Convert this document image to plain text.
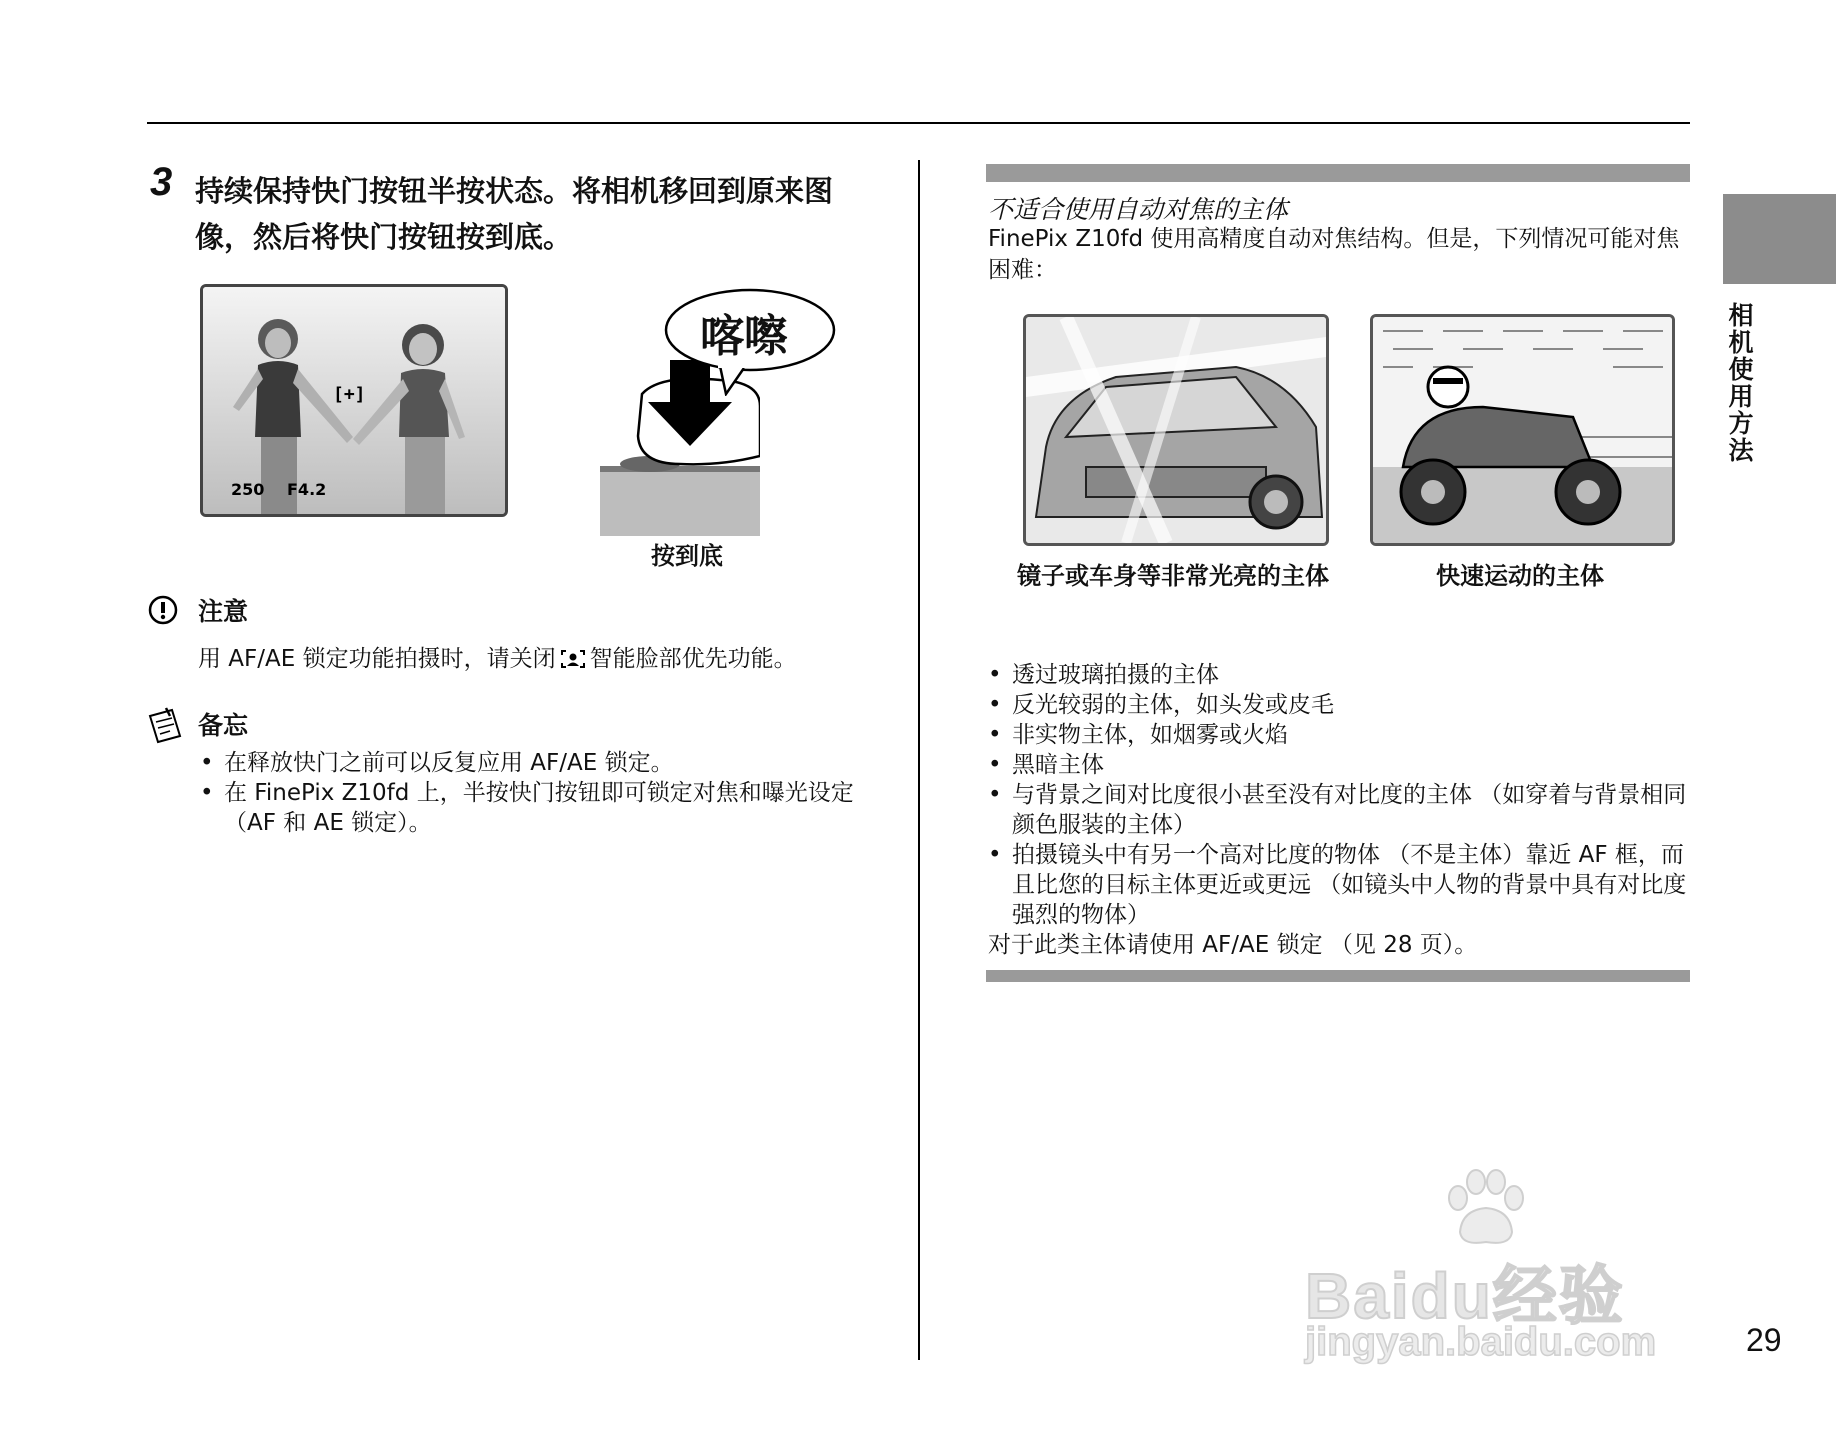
3 持续保持快门按钮半按状态。将相机移回到原来图像，然后将快门按钮按到底。
[+]
250 F4.2
喀嚓
按到底
注意
用 AF/AE 锁定功能拍摄时，请关闭 智能脸部优先功能。
备忘
• 在释放快门之前可以反复应用 AF/AE 锁定。
• 在 FinePix Z10fd 上，半按快门按钮即可锁定对焦和曝光设定 （AF 和 AE 锁定）。
不适合使用自动对焦的主体
FinePix Z10fd 使用高精度自动对焦结构。但是，下列情况可能对焦困难：
镜子或车身等非常光亮的主体	快速运动的主体
• 透过玻璃拍摄的主体
• 反光较弱的主体，如头发或皮毛
• 非实物主体，如烟雾或火焰
• 黑暗主体
• 与背景之间对比度很小甚至没有对比度的主体 （如穿着与背景相同颜色服装的主体）
• 拍摄镜头中有另一个高对比度的物体 （不是主体）靠近 AF 框，而且比您的目标主体更近或更远 （如镜头中人物的背景中具有对比度强烈的物体）
对于此类主体请使用 AF/AE 锁定 （见 28 页）。
相机使用方法
Baidu经验
jingyan.baidu.com	29
